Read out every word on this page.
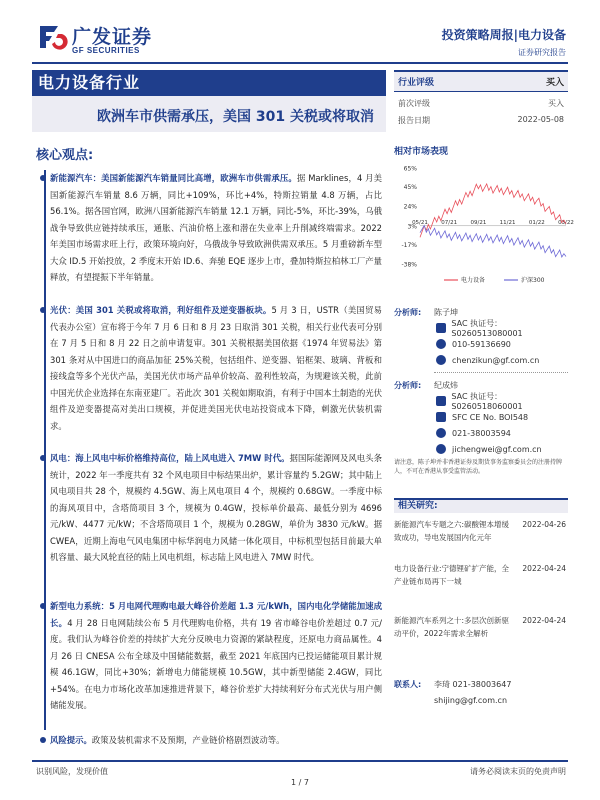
广发证券
GF SECURITIES
投资策略周报|电力设备
证券研究报告
电力设备行业
欧洲车市供需承压，美国 301 关税或将取消
行业评级	买入
前次评级	买入
报告日期	2022-05-08
相对市场表现
65%
45%
24%
3%
-17%
-38%
05/21 07/21 09/21 11/21 01/22 03/22
电力设备	沪深300
分析师:	陈子坤
SAC 执证号：S0260513080001
010-59136690
chenzikun@gf.com.cn
分析师:	纪成炜
SAC 执证号：S0260518060001
SFC CE No. BOI548
021-38003594
jichengwei@gf.com.cn
请注意，陈子坤并非香港证券及期货事务监察委员会的注册持牌人，不可在香港从事受监管活动。
相关研究:
新能源汽车专题之六:碳酸锂本增缓致成功，导电发展国内化元年
2022-04-26
电力设备行业:宁德锂矿扩产能，全产业链布局再下一城
2022-04-24
新能源汽车系列之十:多层次创新驱动平价，2022年需求全解析
2022-04-24
联系人:	李琦 021-38003647
shijing@gf.com.cn
核心观点:
新能源汽车：美国新能源汽车销量同比高增，欧洲车市供需承压。据 Marklines，4 月美国新能源汽车销量 8.6 万辆，同比+109%，环比+4%，特斯拉销量 4.8 万辆，占比 56.1%。据各国官网，欧洲八国新能源汽车销量 12.1 万辆，同比-5%，环比-39%，乌俄战争导致供应链持续承压，通胀、汽油价格上涨和潜在失业率上升削减终端需求。2022 年美国市场需求旺上行，政策环境向好，乌俄战争导致欧洲供需双承压。5 月重磅新车型大众 ID.5 开始投放，2 季度末开始 ID.6、奔驰 EQE 逐步上市，叠加特斯拉柏林工厂产量释放，有望提振下半年销量。
光伏：美国 301 关税或将取消，利好组件及逆变器板块。5 月 3 日，USTR（美国贸易代表办公室）宣布将于今年 7 月 6 日和 8 月 23 日取消 301 关税，相关行业代表可分别在 7 月 5 日和 8 月 22 日之前申请复审。301 关税根据美国依据《1974 年贸易法》第 301 条对从中国进口的商品加征 25%关税，包括组件、逆变器、铝框架、玻璃、背板和接线盒等多个光伏产品，美国光伏市场产品单价较高、盈利性较高，为规避该关税，此前中国光伏企业选择在东南亚建厂。若此次 301 关税如期取消，有利于中国本土制造的光伏组件及逆变器提高对美出口规模，并促进美国光伏电站投资成本下降，刺激光伏装机需求。
风电：海上风电中标价格维持高位，陆上风电进入 7MW 时代。据国际能源网及风电头条统计，2022 年一季度共有 32 个风电项目中标结果出炉，累计容量约 5.2GW；其中陆上风电项目共 28 个，规模约 4.5GW、海上风电项目 4 个，规模约 0.68GW。一季度中标的海风项目中，含塔筒项目 3 个，规模为 0.4GW，投标单价最高、最低分别为 4696 元/kW、4477 元/kW；不含塔筒项目 1 个，规模为 0.28GW，单价为 3830 元/kW。据 CWEA，近期上海电气风电集团中标华润电力风储一体化项目，中标机型包括目前最大单机容量、最大风轮直径的陆上风电机组，标志陆上风电进入 7MW 时代。
新型电力系统：5 月电网代理购电最大峰谷价差超 1.3 元/kWh，国内电化学储能加速成长。4 月 28 日电网陆续公布 5 月代理购电价格，共有 19 省市峰谷电价差超过 0.7 元/度。我们认为峰谷价差的持续扩大充分反映电力资源的紧缺程度，还原电力商品属性。4 月 26 日 CNESA 公布全球及中国储能数据，截至 2021 年底国内已投运储能项目累计规模 46.1GW，同比+30%；新增电力储能规模 10.5GW，其中新型储能 2.4GW，同比+54%。在电力市场化改革加速推进背景下，峰谷价差扩大持续利好分布式光伏与用户侧储能发展。
风险提示。政策及装机需求不及预期，产业链价格剧烈波动等。
识别风险，发现价值	请务必阅读末页的免责声明
1 / 7
